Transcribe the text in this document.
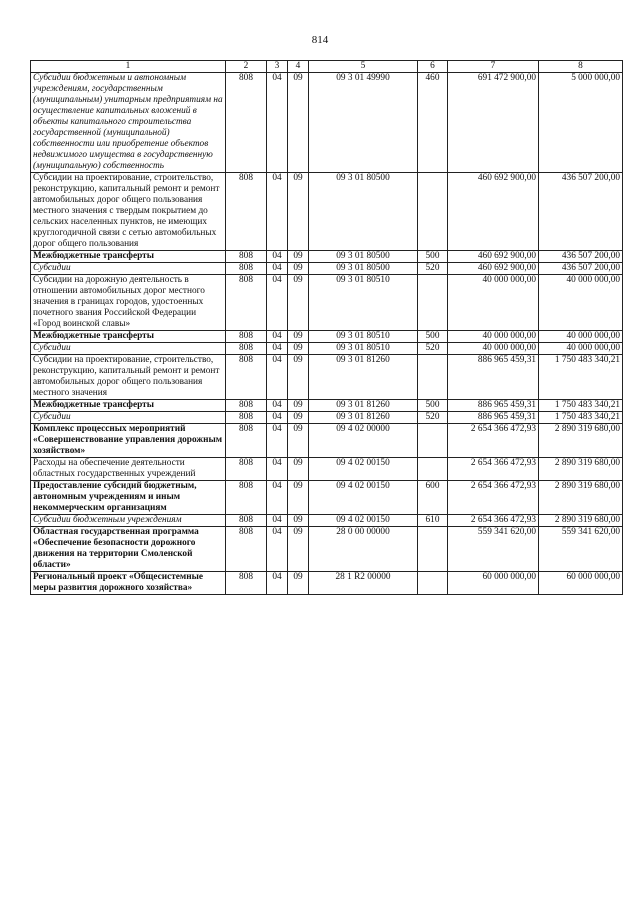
814
1	2	3	4	5	6	7	8
Субсидии бюджетным и автономным учреждениям, государственным (муниципальным) унитарным предприятиям на осуществление капитальных вложений в объекты капитального строительства государственной (муниципальной) собственности или приобретение объектов недвижимого имущества в государственную (муниципальную) собственность	808	04	09	09 3 01 49990	460	691 472 900,00	5 000 000,00
Субсидии на проектирование, строительство, реконструкцию, капитальный ремонт и ремонт автомобильных дорог общего пользования местного значения с твердым покрытием до сельских населенных пунктов, не имеющих круглогодичной связи с сетью автомобильных дорог общего пользования	808	04	09	09 3 01 80500		460 692 900,00	436 507 200,00
Межбюджетные трансферты	808	04	09	09 3 01 80500	500	460 692 900,00	436 507 200,00
Субсидии	808	04	09	09 3 01 80500	520	460 692 900,00	436 507 200,00
Субсидии на дорожную деятельность в отношении автомобильных дорог местного значения в границах городов, удостоенных почетного звания Российской Федерации «Город воинской славы»	808	04	09	09 3 01 80510		40 000 000,00	40 000 000,00
Межбюджетные трансферты	808	04	09	09 3 01 80510	500	40 000 000,00	40 000 000,00
Субсидии	808	04	09	09 3 01 80510	520	40 000 000,00	40 000 000,00
Субсидии на проектирование, строительство, реконструкцию, капитальный ремонт и ремонт автомобильных дорог общего пользования местного значения	808	04	09	09 3 01 81260		886 965 459,31	1 750 483 340,21
Межбюджетные трансферты	808	04	09	09 3 01 81260	500	886 965 459,31	1 750 483 340,21
Субсидии	808	04	09	09 3 01 81260	520	886 965 459,31	1 750 483 340,21
Комплекс процессных мероприятий «Совершенствование управления дорожным хозяйством»	808	04	09	09 4 02 00000		2 654 366 472,93	2 890 319 680,00
Расходы на обеспечение деятельности областных государственных учреждений	808	04	09	09 4 02 00150		2 654 366 472,93	2 890 319 680,00
Предоставление субсидий бюджетным, автономным учреждениям и иным некоммерческим организациям	808	04	09	09 4 02 00150	600	2 654 366 472,93	2 890 319 680,00
Субсидии бюджетным учреждениям	808	04	09	09 4 02 00150	610	2 654 366 472,93	2 890 319 680,00
Областная государственная программа «Обеспечение безопасности дорожного движения на территории Смоленской области»	808	04	09	28 0 00 00000		559 341 620,00	559 341 620,00
Региональный проект «Общесистемные меры развития дорожного хозяйства»	808	04	09	28 1 R2 00000		60 000 000,00	60 000 000,00
